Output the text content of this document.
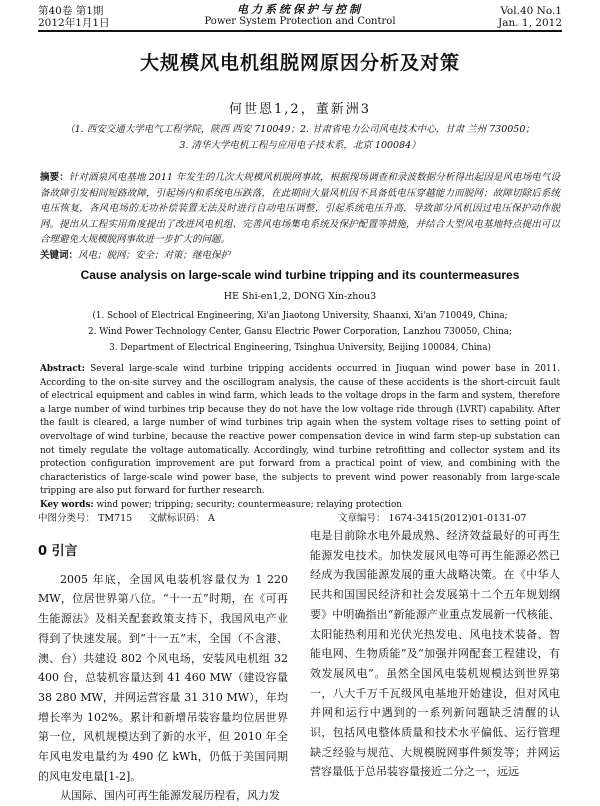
第40卷 第1期
2012年1月1日
电力系统保护与控制
Power System Protection and Control
Vol.40 No.1
Jan. 1, 2012
大规模风电机组脱网原因分析及对策
何世恩1,2，董新洲3
（1. 西安交通大学电气工程学院，陕西 西安 710049；2. 甘肃省电力公司风电技术中心，甘肃 兰州 730050；
3. 清华大学电机工程与应用电子技术系，北京 100084）
摘要：针对酒泉风电基地 2011 年发生的几次大规模风机脱网事故，根据现场调查和录波数据分析得出起因是风电场电气设备故障引发相间短路故障，引起场内和系统电压跌落，在此期间大量风机因不具备低电压穿越能力而脱网；故障切除后系统电压恢复，各风电场的无功补偿装置无法及时进行自动电压调整，引起系统电压升高，导致部分风机因过电压保护动作脱网。提出从工程实用角度提出了改进风电机组、完善风电场集电系统及保护配置等措施，并结合大型风电基地特点提出可以合理避免大规模脱网事故进一步扩大的问题。
关键词：风电；脱网；安全；对策；继电保护
Cause analysis on large-scale wind turbine tripping and its countermeasures
HE Shi-en1,2, DONG Xin-zhou3
(1. School of Electrical Engineering, Xi'an Jiaotong University, Shaanxi, Xi'an 710049, China;
2. Wind Power Technology Center, Gansu Electric Power Corporation, Lanzhou 730050, China;
3. Department of Electrical Engineering, Tsinghua University, Beijing 100084, China)
Abstract: Several large-scale wind turbine tripping accidents occurred in Jiuquan wind power base in 2011. According to the on-site survey and the oscillogram analysis, the cause of these accidents is the short-circuit fault of electrical equipment and cables in wind farm, which leads to the voltage drops in the farm and system, therefore a large number of wind turbines trip because they do not have the low voltage ride through (LVRT) capability. After the fault is cleared, a large number of wind turbines trip again when the system voltage rises to setting point of overvoltage of wind turbine, because the reactive power compensation device in wind farm step-up substation can not timely regulate the voltage automatically. Accordingly, wind turbine retrofitting and collector system and its protection configuration improvement are put forward from a practical point of view, and combining with the characteristics of large-scale wind power base, the subjects to prevent wind power reasonably from large-scale tripping are also put forward for further research.
Key words: wind power; tripping; security; countermeasure; relaying protection
中图分类号： TM715 文献标识码： A	文章编号： 1674-3415(2012)01-0131-07
0 引言

2005 年底，全国风电装机容量仅为 1 220 MW，位居世界第八位。“十一五”时期，在《可再生能源法》及相关配套政策支持下，我国风电产业得到了快速发展。到“十一五”末，全国（不含港、澳、台）共建设 802 个风电场，安装风电机组 32 400 台，总装机容量达到 41 460 MW（建设容量 38 280 MW，并网运营容量 31 310 MW），年均增长率为 102%。累计和新增吊装容量均位居世界第一位，风机规模达到了新的水平，但 2010 年全年风电发电量约为 490 亿 kWh，仍低于美国同期的风电发电量[1-2]。

从国际、国内可再生能源发展历程看，风力发

电是目前除水电外最成熟、经济效益最好的可再生能源发电技术。加快发展风电等可再生能源必然已经成为我国能源发展的重大战略决策。在《中华人民共和国国民经济和社会发展第十二个五年规划纲要》中明确指出“新能源产业重点发展新一代核能、太阳能热利用和光伏光热发电、风电技术装备、智能电网、生物质能”及“加强并网配套工程建设，有效发展风电”。虽然全国风电装机规模达到世界第一，八大千万千瓦级风电基地开始建设，但对风电并网和运行中遇到的一系列新问题缺乏清醒的认识，包括风电整体质量和技术水平偏低、运行管理缺乏经验与规范、大规模脱网事件频发等；并网运营容量低于总吊装容量接近二分之一，远远
